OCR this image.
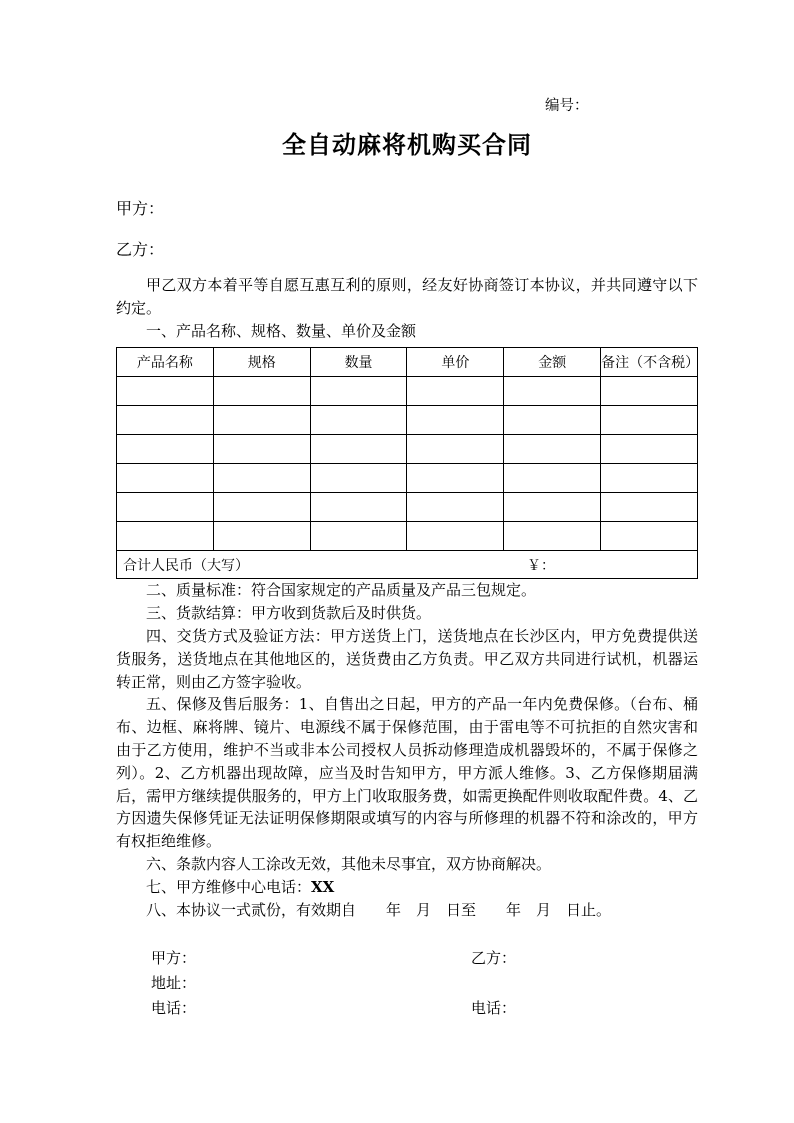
编号：
全自动麻将机购买合同
甲方：
乙方：
甲乙双方本着平等自愿互惠互利的原则，经友好协商签订本协议，并共同遵守以下约定。
一、产品名称、规格、数量、单价及金额
产品名称	规格	数量	单价	金额	备注（不含税）

合计人民币（大写） ￥：					
二、质量标准：符合国家规定的产品质量及产品三包规定。
三、货款结算：甲方收到货款后及时供货。
四、交货方式及验证方法：甲方送货上门，送货地点在长沙区内，甲方免费提供送货服务，送货地点在其他地区的，送货费由乙方负责。甲乙双方共同进行试机，机器运转正常，则由乙方签字验收。
五、保修及售后服务：1、自售出之日起，甲方的产品一年内免费保修。（台布、桶布、边框、麻将牌、镜片、电源线不属于保修范围，由于雷电等不可抗拒的自然灾害和由于乙方使用，维护不当或非本公司授权人员拆动修理造成机器毁坏的，不属于保修之列）。2、乙方机器出现故障，应当及时告知甲方，甲方派人维修。3、乙方保修期届满后，需甲方继续提供服务的，甲方上门收取服务费，如需更换配件则收取配件费。4、乙方因遗失保修凭证无法证明保修期限或填写的内容与所修理的机器不符和涂改的，甲方有权拒绝维修。
六、条款内容人工涂改无效，其他未尽事宜，双方协商解决。
七、甲方维修中心电话：XX
八、本协议一式贰份，有效期自　　年　月　日至　　年　月　日止。
甲方：
地址：
电话：
乙方：
电话：
